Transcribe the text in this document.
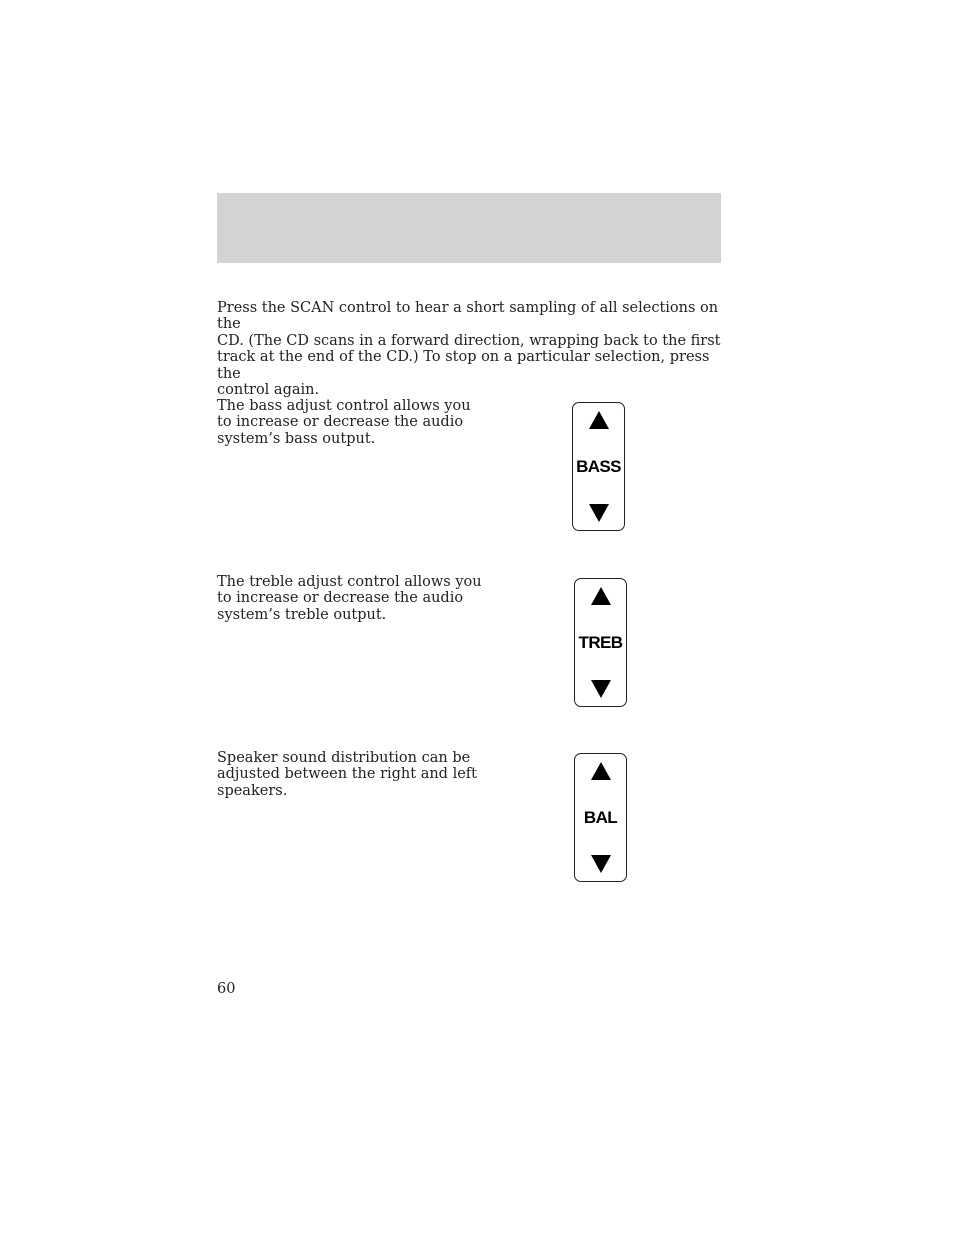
Press the SCAN control to hear a short sampling of all selections on the
CD. (The CD scans in a forward direction, wrapping back to the first
track at the end of the CD.) To stop on a particular selection, press the
control again.

The bass adjust control allows you
to increase or decrease the audio
system’s bass output.

BASS

The treble adjust control allows you
to increase or decrease the audio
system’s treble output.

TREB

Speaker sound distribution can be
adjusted between the right and left
speakers.

BAL
60
